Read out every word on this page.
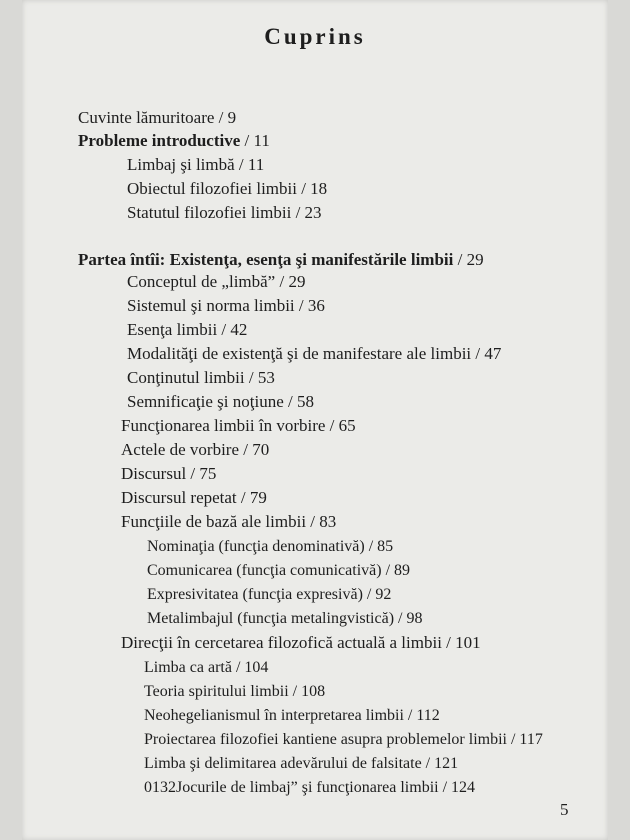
Cuprins
Cuvinte lămuritoare / 9
Probleme introductive / 11
Limbaj şi limbă / 11
Obiectul filozofiei limbii / 18
Statutul filozofiei limbii / 23
Partea întîi: Existenţa, esenţa şi manifestările limbii / 29
Conceptul de „limbă” / 29
Sistemul şi norma limbii / 36
Esenţa limbii / 42
Modalităţi de existenţă şi de manifestare ale limbii / 47
Conţinutul limbii / 53
Semnificaţie şi noţiune / 58
Funcţionarea limbii în vorbire / 65
Actele de vorbire / 70
Discursul / 75
Discursul repetat / 79
Funcţiile de bază ale limbii / 83
Nominaţia (funcţia denominativă) / 85
Comunicarea (funcţia comunicativă) / 89
Expresivitatea (funcţia expresivă) / 92
Metalimbajul (funcţia metalingvistică) / 98
Direcţii în cercetarea filozofică actuală a limbii / 101
Limba ca artă / 104
Teoria spiritului limbii / 108
Neohegelianismul în interpretarea limbii / 112
Proiectarea filozofiei kantiene asupra problemelor limbii / 117
Limba şi delimitarea adevărului de falsitate / 121
0132Jocurile de limbaj” şi funcţionarea limbii / 124
5
